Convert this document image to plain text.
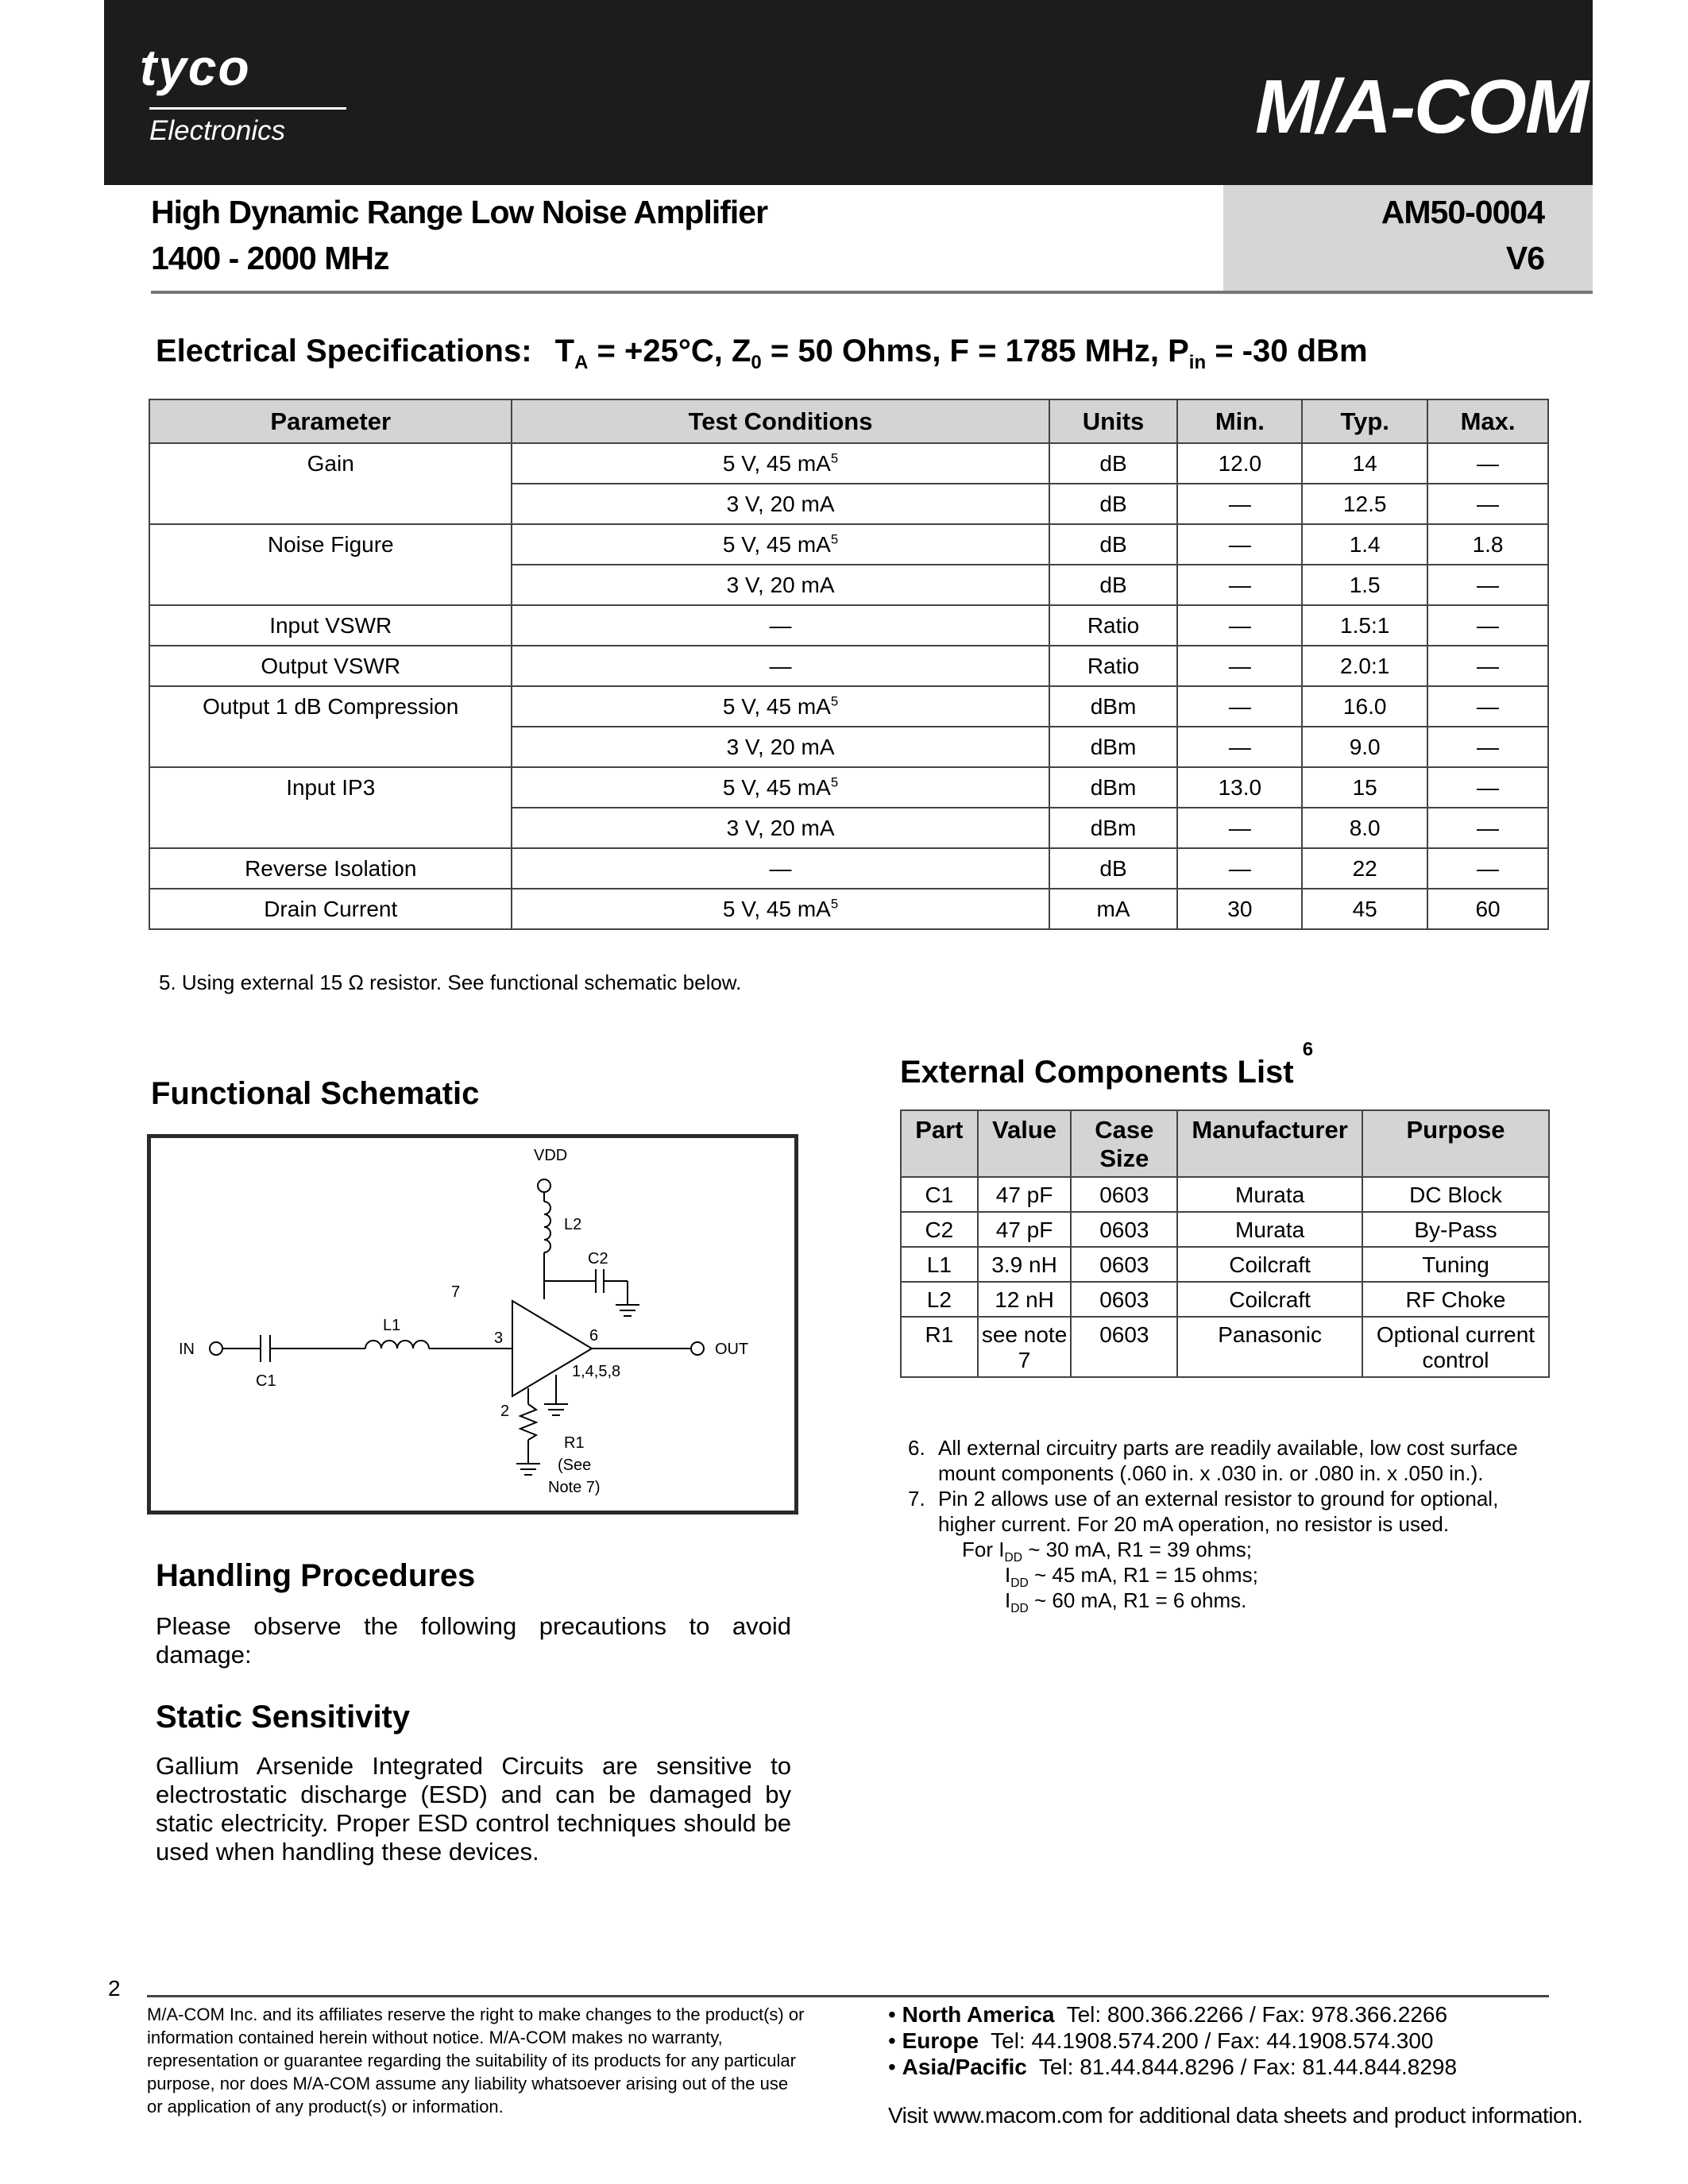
tyco
Electronics	M/A-COM
High Dynamic Range Low Noise Amplifier
1400 - 2000 MHz
AM50-0004
V6
Electrical Specifications: $T_A = +25^\circ C$, $Z_0 = 50$ Ohms, F = 1785 MHz, $P_{in} = -30$ dBm
Parameter	Test Conditions	Units	Min.	Typ.	Max.
Gain	5 V, 45 $mA^5$	dB	12.0	14	—
	3 V, 20 mA	dB	—	12.5	—
Noise Figure	5 V, 45 $mA^5$	dB	—	1.4	1.8
	3 V, 20 mA	dB	—	1.5	—
Input VSWR	—	Ratio	—	1.5:1	—
Output VSWR	—	Ratio	—	2.0:1	—
Output 1 dB Compression	5 V, 45 $mA^5$	dBm	—	16.0	—
	3 V, 20 mA	dBm	—	9.0	—
Input IP3	5 V, 45 $mA^5$	dBm	13.0	15	—
	3 V, 20 mA	dBm	—	8.0	—
Reverse Isolation	—	dB	—	22	—
Drain Current	5 V, 45 $mA^5$	mA	30	45	60
5. Using external 15 Ω resistor. See functional schematic below.
Functional Schematic
VDD
L2
C2
7
L1
3	6
IN	OUT
C1
1,4,5,8
2
R1
(See
Note 7)
External Components List $^6$
Part	Value	Case Size	Manufacturer	Purpose
C1	47 pF	0603	Murata	DC Block
C2	47 pF	0603	Murata	By-Pass
L1	3.9 nH	0603	Coilcraft	Tuning
L2	12 nH	0603	Coilcraft	RF Choke
R1	see note 7	0603	Panasonic	Optional current control
6. All external circuitry parts are readily available, low cost surface mount components (.060 in. x .030 in. or .080 in. x .050 in.).
7. Pin 2 allows use of an external resistor to ground for optional, higher current. For 20 mA operation, no resistor is used.
For $I_{DD}$ ~ 30 mA, R1 = 39 ohms;
$I_{DD}$ ~ 45 mA, R1 = 15 ohms;
$I_{DD}$ ~ 60 mA, R1 = 6 ohms.
Handling Procedures
Please observe the following precautions to avoid damage:
Static Sensitivity
Gallium Arsenide Integrated Circuits are sensitive to electrostatic discharge (ESD) and can be damaged by static electricity. Proper ESD control techniques should be used when handling these devices.
2
M/A-COM Inc. and its affiliates reserve the right to make changes to the product(s) or information contained herein without notice. M/A-COM makes no warranty, representation or guarantee regarding the suitability of its products for any particular purpose, nor does M/A-COM assume any liability whatsoever arising out of the use or application of any product(s) or information.
• North America Tel: 800.366.2266 / Fax: 978.366.2266
• Europe Tel: 44.1908.574.200 / Fax: 44.1908.574.300
• Asia/Pacific Tel: 81.44.844.8296 / Fax: 81.44.844.8298
Visit www.macom.com for additional data sheets and product information.
